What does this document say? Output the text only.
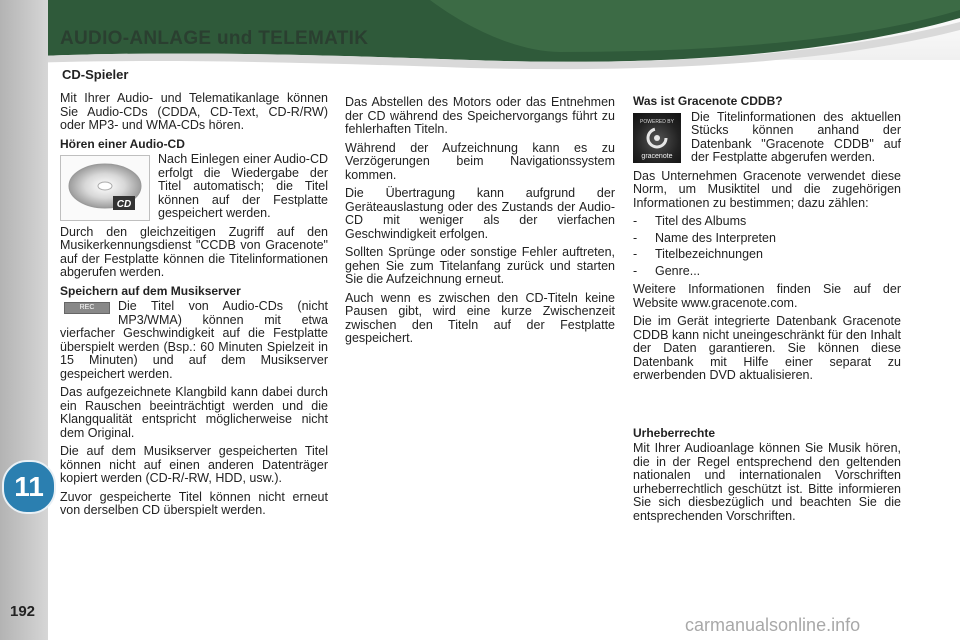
AUDIO-ANLAGE und TELEMATIK
11
192
CD-Spieler

Mit Ihrer Audio- und Telematikanlage können Sie Audio-CDs (CDDA, CD-Text, CD-R/RW) oder MP3- und WMA-CDs hören.

Hören einer Audio-CD
CD

Nach Einlegen einer Audio-CD erfolgt die Wiedergabe der Titel automatisch; die Titel können auf der Festplatte gespeichert werden.

Durch den gleichzeitigen Zugriff auf den Musikerkennungsdienst "CCDB von Gracenote" auf der Festplatte können die Titelinformationen abgerufen werden.

Speichern auf dem Musikserver
REC	Die Titel von Audio-CDs (nicht MP3/WMA) können mit etwa vierfacher Geschwindigkeit auf die Festplatte überspielt werden (Bsp.: 60 Minuten Spielzeit in 15 Minuten) und auf dem Musikserver gespeichert werden.

Das aufgezeichnete Klangbild kann dabei durch ein Rauschen beeinträchtigt werden und die Klangqualität entspricht möglicherweise nicht dem Original.

Die auf dem Musikserver gespeicherten Titel können nicht auf einen anderen Datenträger kopiert werden (CD-R/-RW, HDD, usw.).

Zuvor gespeicherte Titel können nicht erneut von derselben CD überspielt werden.

Das Abstellen des Motors oder das Entnehmen der CD während des Speichervorgangs führt zu fehlerhaften Titeln.

Während der Aufzeichnung kann es zu Verzögerungen beim Navigationssystem kommen.

Die Übertragung kann aufgrund der Geräteauslastung oder des Zustands der Audio-CD mit weniger als der vierfachen Geschwindigkeit erfolgen.

Sollten Sprünge oder sonstige Fehler auftreten, gehen Sie zum Titelanfang zurück und starten Sie die Aufzeichnung erneut.

Auch wenn es zwischen den CD-Titeln keine Pausen gibt, wird eine kurze Zwischenzeit zwischen den Titeln auf der Festplatte gespeichert.

Was ist Gracenote CDDB?
POWERED BY
gracenote

Die Titelinformationen des aktuellen Stücks können anhand der Datenbank "Gracenote CDDB" auf der Festplatte abgerufen werden.

Das Unternehmen Gracenote verwendet diese Norm, um Musiktitel und die zugehörigen Informationen zu bestimmen; dazu zählen:

- Titel des Albums
- Name des Interpreten
- Titelbezeichnungen
- Genre...

Weitere Informationen finden Sie auf der Website www.gracenote.com.

Die im Gerät integrierte Datenbank Gracenote CDDB kann nicht uneingeschränkt für den Inhalt der Daten garantieren. Sie können diese Datenbank mit Hilfe einer separat zu erwerbenden DVD aktualisieren.

Urheberrechte

Mit Ihrer Audioanlage können Sie Musik hören, die in der Regel entsprechend den geltenden nationalen und internationalen Vorschriften urheberrechtlich geschützt ist. Bitte informieren Sie sich diesbezüglich und beachten Sie die entsprechenden Vorschriften.

carmanualsonline.info
